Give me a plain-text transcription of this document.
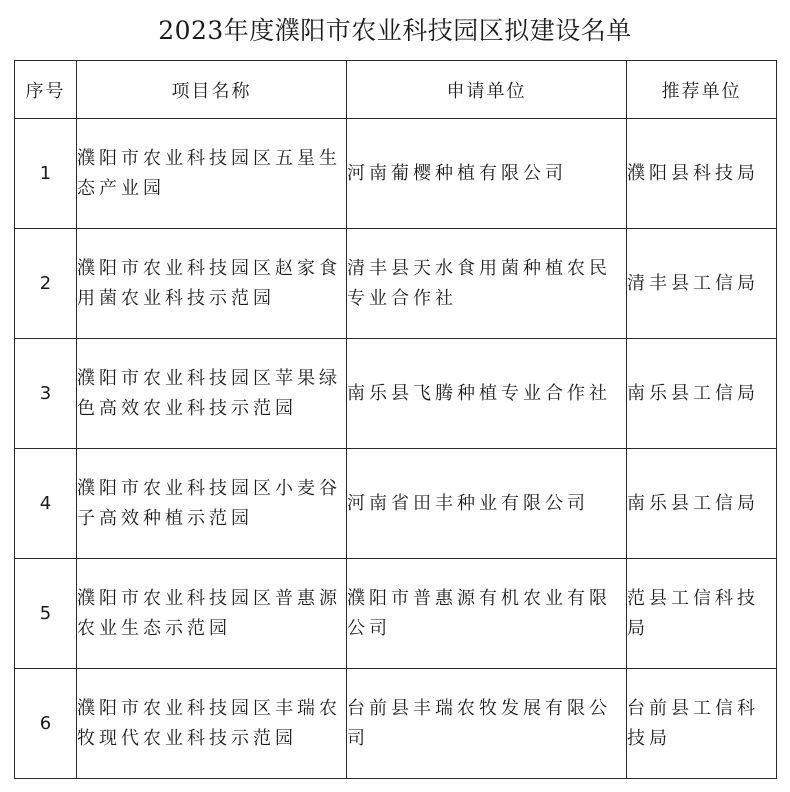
2023年度濮阳市农业科技园区拟建设名单
序号	项目名称	申请单位	推荐单位
1	濮阳市农业科技园区五星生态产业园	河南葡樱种植有限公司	濮阳县科技局
2	濮阳市农业科技园区赵家食用菌农业科技示范园	清丰县天水食用菌种植农民专业合作社	清丰县工信局
3	濮阳市农业科技园区苹果绿色高效农业科技示范园	南乐县飞腾种植专业合作社	南乐县工信局
4	濮阳市农业科技园区小麦谷子高效种植示范园	河南省田丰种业有限公司	南乐县工信局
5	濮阳市农业科技园区普惠源农业生态示范园	濮阳市普惠源有机农业有限公司	范县工信科技局
6	濮阳市农业科技园区丰瑞农牧现代农业科技示范园	台前县丰瑞农牧发展有限公司	台前县工信科技局
